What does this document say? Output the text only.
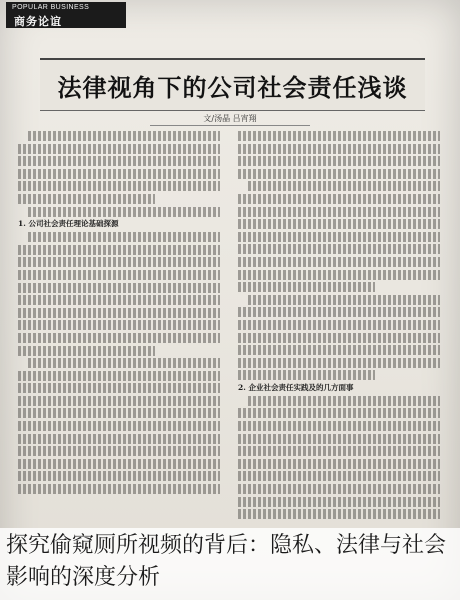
POPULAR BUSINESS
商务论谊
法律视角下的公司社会责任浅谈
文/汤晶 吕宵翔
1. 公司社会责任理论基础探源
2. 企业社会责任实践及的几方面事
探究偷窥厕所视频的背后：隐私、法律与社会影响的深度分析
